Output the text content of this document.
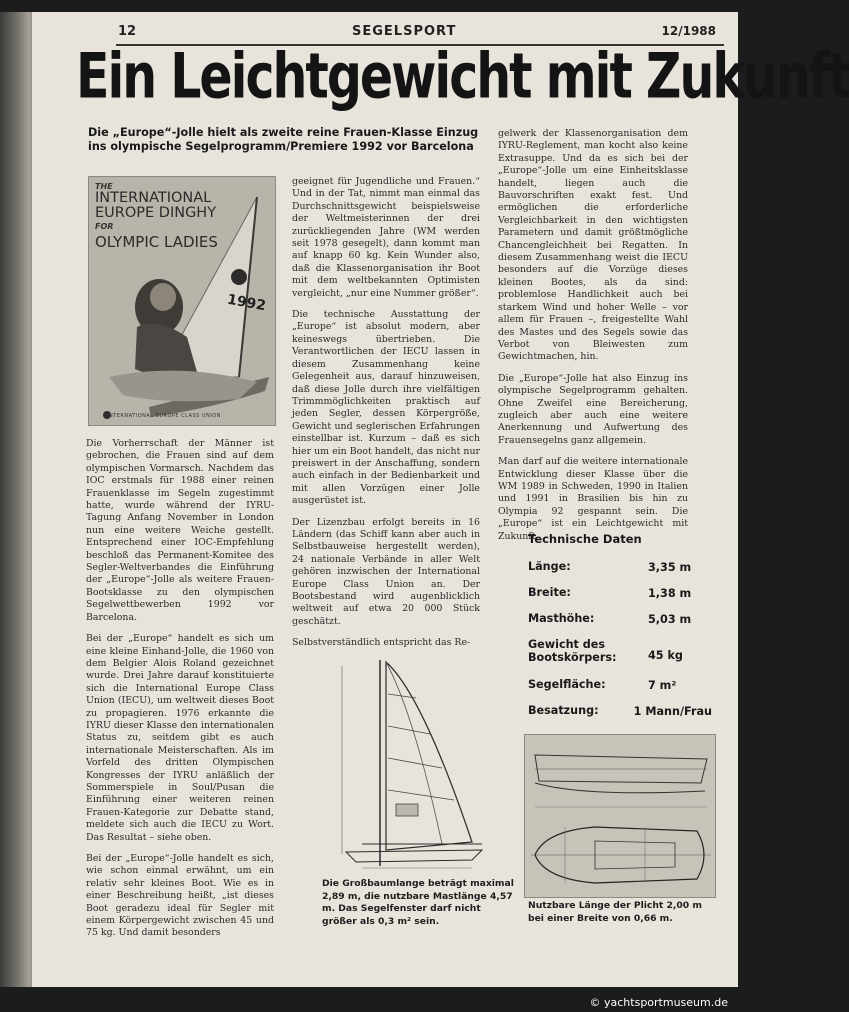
12	SEGELSPORT	12/1988
Ein Leichtgewicht mit Zukunft
Die „Europe“-Jolle hielt als zweite reine Frauen-Klasse Einzug ins olympische Segelprogramm/Premiere 1992 vor Barcelona
THE
INTERNATIONAL EUROPE DINGHY
FOR
OLYMPIC LADIES
1992
INTERNATIONAL EUROPE CLASS UNION

Die Vorherrschaft der Männer ist gebrochen, die Frauen sind auf dem olympischen Vormarsch. Nachdem das IOC erstmals für 1988 einer reinen Frauenklasse im Segeln zugestimmt hatte, wurde während der IYRU-Tagung Anfang November in London nun eine weitere Weiche gestellt. Entsprechend einer IOC-Empfehlung beschloß das Permanent-Komitee des Segler-Weltverbandes die Einführung der „Europe“-Jolle als weitere Frauen-Bootsklasse zu den olympischen Segelwettbewerben 1992 vor Barcelona.

Bei der „Europe“ handelt es sich um eine kleine Einhand-Jolle, die 1960 von dem Belgier Alois Roland gezeichnet wurde. Drei Jahre darauf konstituierte sich die International Europe Class Union (IECU), um weltweit dieses Boot zu propagieren. 1976 erkannte die IYRU dieser Klasse den internationalen Status zu, seitdem gibt es auch internationale Meisterschaften. Als im Vorfeld des dritten Olympischen Kongresses der IYRU anläßlich der Sommerspiele in Soul/Pusan die Einführung einer weiteren reinen Frauen-Kategorie zur Debatte stand, meldete sich auch die IECU zu Wort. Das Resultat – siehe oben.

Bei der „Europe“-Jolle handelt es sich, wie schon einmal erwähnt, um ein relativ sehr kleines Boot. Wie es in einer Beschreibung heißt, „ist dieses Boot geradezu ideal für Segler mit einem Körpergewicht zwischen 45 und 75 kg. Und damit besonders

geeignet für Jugendliche und Frauen.“ Und in der Tat, nimmt man einmal das Durchschnittsgewicht beispielsweise der Weltmeisterinnen der drei zurückliegenden Jahre (WM werden seit 1978 gesegelt), dann kommt man auf knapp 60 kg. Kein Wunder also, daß die Klassenorganisation ihr Boot mit dem weltbekannten Optimisten vergleicht, „nur eine Nummer größer“.

Die technische Ausstattung der „Europe“ ist absolut modern, aber keineswegs übertrieben. Die Verantwortlichen der IECU lassen in diesem Zusammenhang keine Gelegenheit aus, darauf hinzuweisen, daß diese Jolle durch ihre vielfältigen Trimmmöglichkeiten praktisch auf jeden Segler, dessen Körpergröße, Gewicht und seglerischen Erfahrungen einstellbar ist. Kurzum – daß es sich hier um ein Boot handelt, das nicht nur preiswert in der Anschaffung, sondern auch einfach in der Bedienbarkeit und mit allen Vorzügen einer Jolle ausgerüstet ist.

Der Lizenzbau erfolgt bereits in 16 Ländern (das Schiff kann aber auch in Selbstbauweise hergestellt werden), 24 nationale Verbände in aller Welt gehören inzwischen der International Europe Class Union an. Der Bootsbestand wird augenblicklich weltweit auf etwa 20 000 Stück geschätzt.

Selbstverständlich entspricht das Re-

gelwerk der Klassenorganisation dem IYRU-Reglement, man kocht also keine Extrasuppe. Und da es sich bei der „Europe“-Jolle um eine Einheitsklasse handelt, liegen auch die Bauvorschriften exakt fest. Und ermöglichen die erforderliche Vergleichbarkeit in den wichtigsten Parametern und damit größtmögliche Chancengleichheit bei Regatten. In diesem Zusammenhang weist die IECU besonders auf die Vorzüge dieses kleinen Bootes, als da sind: problemlose Handlichkeit auch bei starkem Wind und hoher Welle – vor allem für Frauen –, freigestellte Wahl des Mastes und des Segels sowie das Verbot von Bleiwesten zum Gewichtmachen, hin.

Die „Europe“-Jolle hat also Einzug ins olympische Segelprogramm gehalten. Ohne Zweifel eine Bereicherung, zugleich aber auch eine weitere Anerkennung und Aufwertung des Frauensegelns ganz allgemein.

Man darf auf die weitere internationale Entwicklung dieser Klasse über die WM 1989 in Schweden, 1990 in Italien und 1991 in Brasilien bis hin zu Olympia 92 gespannt sein. Die „Europe“ ist ein Leichtgewicht mit Zukunft.

Technische Daten
Länge:	3,35 m
Breite:	1,38 m
Masthöhe:	5,03 m
Gewicht des Bootskörpers:	45 kg
Segelfläche:	7 m²
Besatzung:	1 Mann/Frau
Die Großbaumlange beträgt maximal 2,89 m, die nutzbare Mastlänge 4,57 m. Das Segelfenster darf nicht größer als 0,3 m² sein.
Nutzbare Länge der Plicht 2,00 m bei einer Breite von 0,66 m.
© yachtsportmuseum.de
